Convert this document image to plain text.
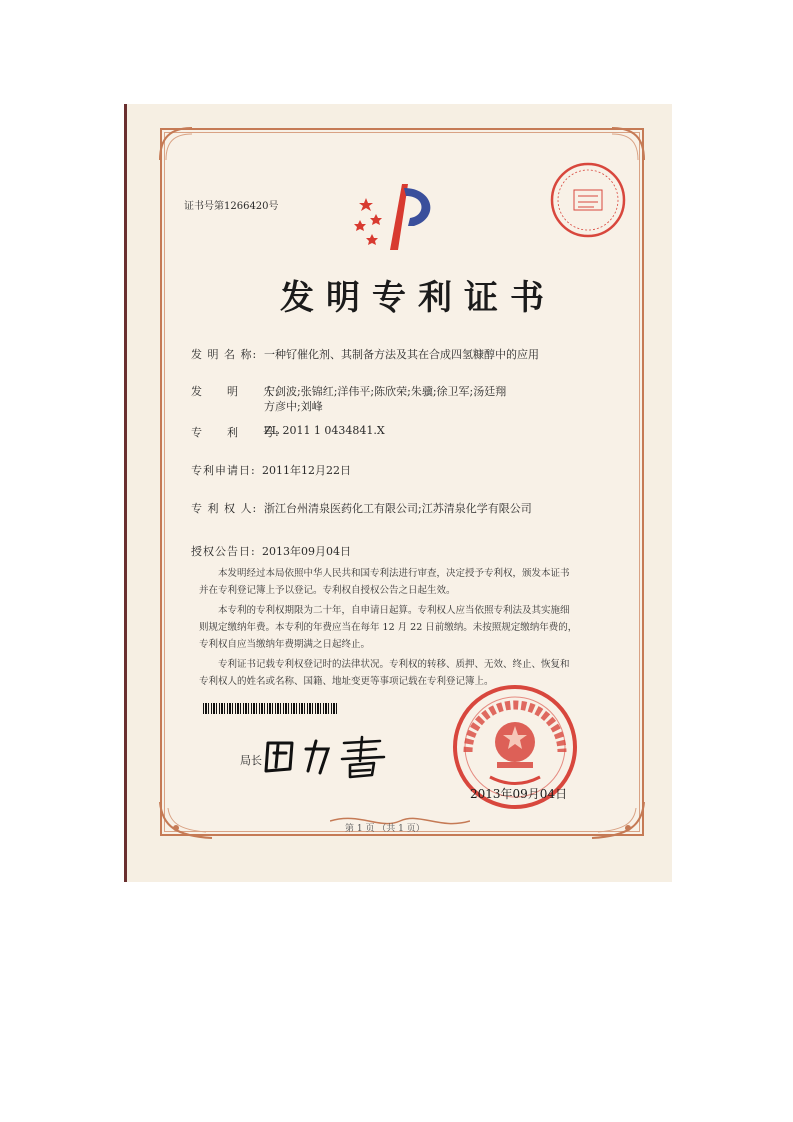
证书号第1266420号
发明专利证书
发 明 名 称: 一种钌催化剂、其制备方法及其在合成四氢糠醇中的应用
发　　明　　人:
宁剑波;张锦红;洋伟平;陈欣荣;朱骥;徐卫军;汤廷翔
方彦中;刘峰
专　　利　　号:
ZL 2011 1 0434841.X
专利申请日: 2011年12月22日
专 利 权 人: 浙江台州清泉医药化工有限公司;江苏清泉化学有限公司
授权公告日: 2013年09月04日
本发明经过本局依照中华人民共和国专利法进行审查，决定授予专利权，颁发本证书
并在专利登记簿上予以登记。专利权自授权公告之日起生效。
本专利的专利权期限为二十年，自申请日起算。专利权人应当依照专利法及其实施细
则规定缴纳年费。本专利的年费应当在每年 12 月 22 日前缴纳。未按照规定缴纳年费的，
专利权自应当缴纳年费期满之日起终止。
专利证书记载专利权登记时的法律状况。专利权的转移、质押、无效、终止、恢复和
专利权人的姓名或名称、国籍、地址变更等事项记载在专利登记簿上。
局长
2013年09月04日
第 1 页 （共 1 页）
